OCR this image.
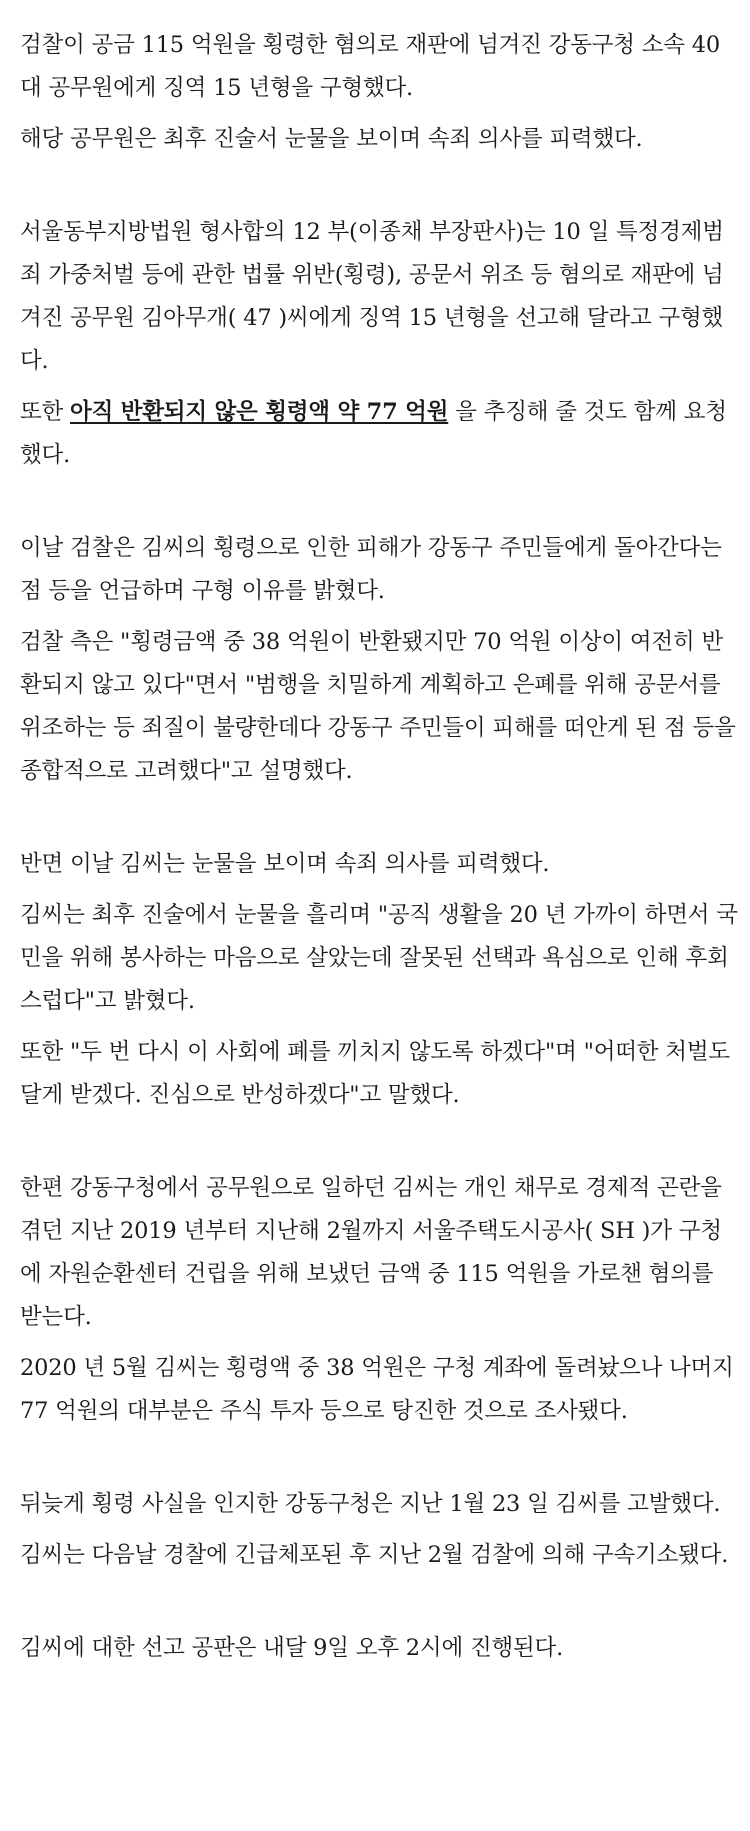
검찰이 공금 115 억원을 횡령한 혐의로 재판에 넘겨진 강동구청 소속 40 대 공무원에게 징역 15 년형을 구형했다.

해당 공무원은 최후 진술서 눈물을 보이며 속죄 의사를 피력했다.

서울동부지방법원 형사합의 12 부(이종채 부장판사)는 10 일 특정경제범죄 가중처벌 등에 관한 법률 위반(횡령), 공문서 위조 등 혐의로 재판에 넘겨진 공무원 김아무개( 47 )씨에게 징역 15 년형을 선고해 달라고 구형했다.

또한 아직 반환되지 않은 횡령액 약 77 억원 을 추징해 줄 것도 함께 요청했다.

이날 검찰은 김씨의 횡령으로 인한 피해가 강동구 주민들에게 돌아간다는 점 등을 언급하며 구형 이유를 밝혔다.

검찰 측은 "횡령금액 중 38 억원이 반환됐지만 70 억원 이상이 여전히 반환되지 않고 있다"면서 "범행을 치밀하게 계획하고 은폐를 위해 공문서를 위조하는 등 죄질이 불량한데다 강동구 주민들이 피해를 떠안게 된 점 등을 종합적으로 고려했다"고 설명했다.

반면 이날 김씨는 눈물을 보이며 속죄 의사를 피력했다.

김씨는 최후 진술에서 눈물을 흘리며 "공직 생활을 20 년 가까이 하면서 국민을 위해 봉사하는 마음으로 살았는데 잘못된 선택과 욕심으로 인해 후회스럽다"고 밝혔다.

또한 "두 번 다시 이 사회에 폐를 끼치지 않도록 하겠다"며 "어떠한 처벌도 달게 받겠다. 진심으로 반성하겠다"고 말했다.

한편 강동구청에서 공무원으로 일하던 김씨는 개인 채무로 경제적 곤란을 겪던 지난 2019 년부터 지난해 2월까지 서울주택도시공사( SH )가 구청에 자원순환센터 건립을 위해 보냈던 금액 중 115 억원을 가로챈 혐의를 받는다.

2020 년 5월 김씨는 횡령액 중 38 억원은 구청 계좌에 돌려놨으나 나머지 77 억원의 대부분은 주식 투자 등으로 탕진한 것으로 조사됐다.

뒤늦게 횡령 사실을 인지한 강동구청은 지난 1월 23 일 김씨를 고발했다.

김씨는 다음날 경찰에 긴급체포된 후 지난 2월 검찰에 의해 구속기소됐다.

김씨에 대한 선고 공판은 내달 9일 오후 2시에 진행된다.
